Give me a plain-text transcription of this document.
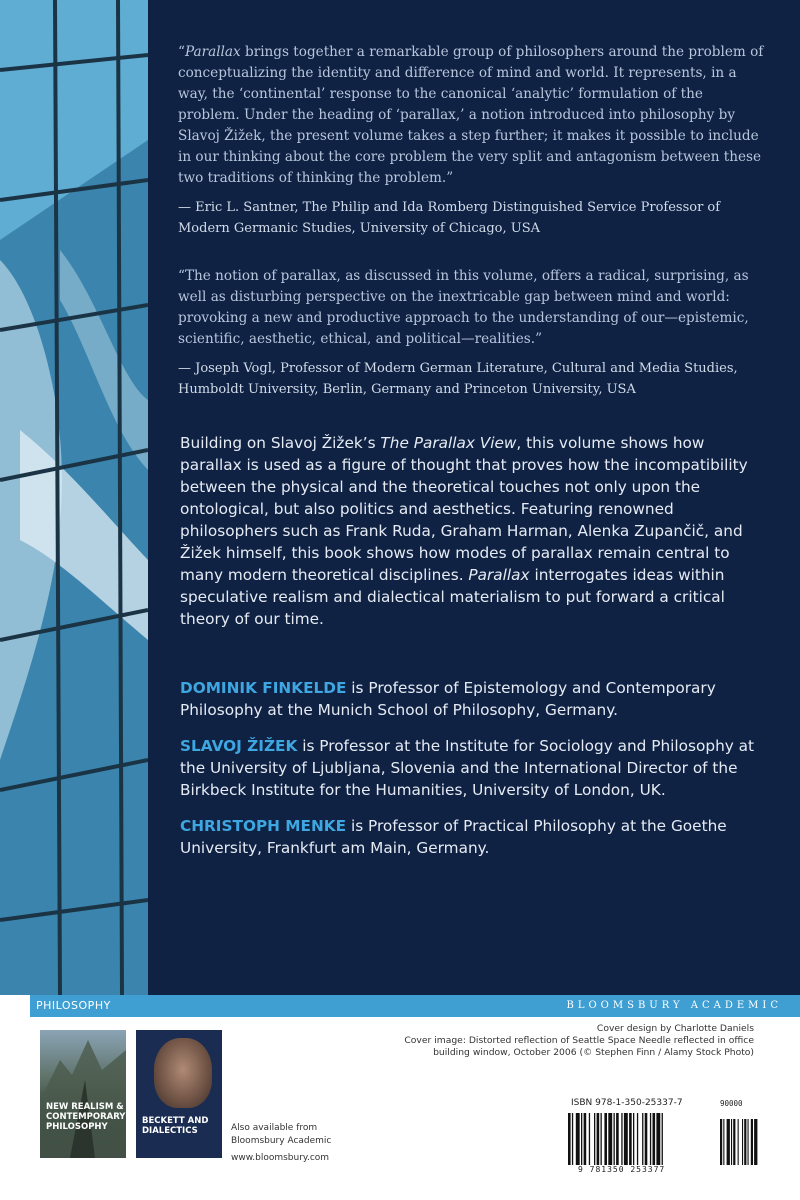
“Parallax brings together a remarkable group of philosophers around the problem of conceptualizing the identity and difference of mind and world. It represents, in a way, the ‘continental’ response to the canonical ‘analytic’ formulation of the problem. Under the heading of ‘parallax,’ a notion introduced into philosophy by Slavoj Žižek, the present volume takes a step further; it makes it possible to include in our thinking about the core problem the very split and antagonism between these two traditions of thinking the problem.”

— Eric L. Santner, The Philip and Ida Romberg Distinguished Service Professor of Modern Germanic Studies, University of Chicago, USA

“The notion of parallax, as discussed in this volume, offers a radical, surprising, as well as disturbing perspective on the inextricable gap between mind and world: provoking a new and productive approach to the understanding of our—epistemic, scientific, aesthetic, ethical, and political—realities.”

— Joseph Vogl, Professor of Modern German Literature, Cultural and Media Studies, Humboldt University, Berlin, Germany and Princeton University, USA

Building on Slavoj Žižek’s The Parallax View, this volume shows how parallax is used as a figure of thought that proves how the incompatibility between the physical and the theoretical touches not only upon the ontological, but also politics and aesthetics. Featuring renowned philosophers such as Frank Ruda, Graham Harman, Alenka Zupančič, and Žižek himself, this book shows how modes of parallax remain central to many modern theoretical disciplines. Parallax interrogates ideas within speculative realism and dialectical materialism to put forward a critical theory of our time.

DOMINIK FINKELDE is Professor of Epistemology and Contemporary Philosophy at the Munich School of Philosophy, Germany.

SLAVOJ ŽIŽEK is Professor at the Institute for Sociology and Philosophy at the University of Ljubljana, Slovenia and the International Director of the Birkbeck Institute for the Humanities, University of London, UK.

CHRISTOPH MENKE is Professor of Practical Philosophy at the Goethe University, Frankfurt am Main, Germany.

PHILOSOPHY	BLOOMSBURY ACADEMIC
NEW REALISM & CONTEMPORARY PHILOSOPHY
BECKETT AND DIALECTICS	Also available from
Bloomsbury Academic
www.bloomsbury.com
Cover design by Charlotte Daniels
Cover image: Distorted reflection of Seattle Space Needle reflected in office building window, October 2006 (© Stephen Finn / Alamy Stock Photo)
ISBN 978-1-350-25337-7	90000
9 781350 253377
